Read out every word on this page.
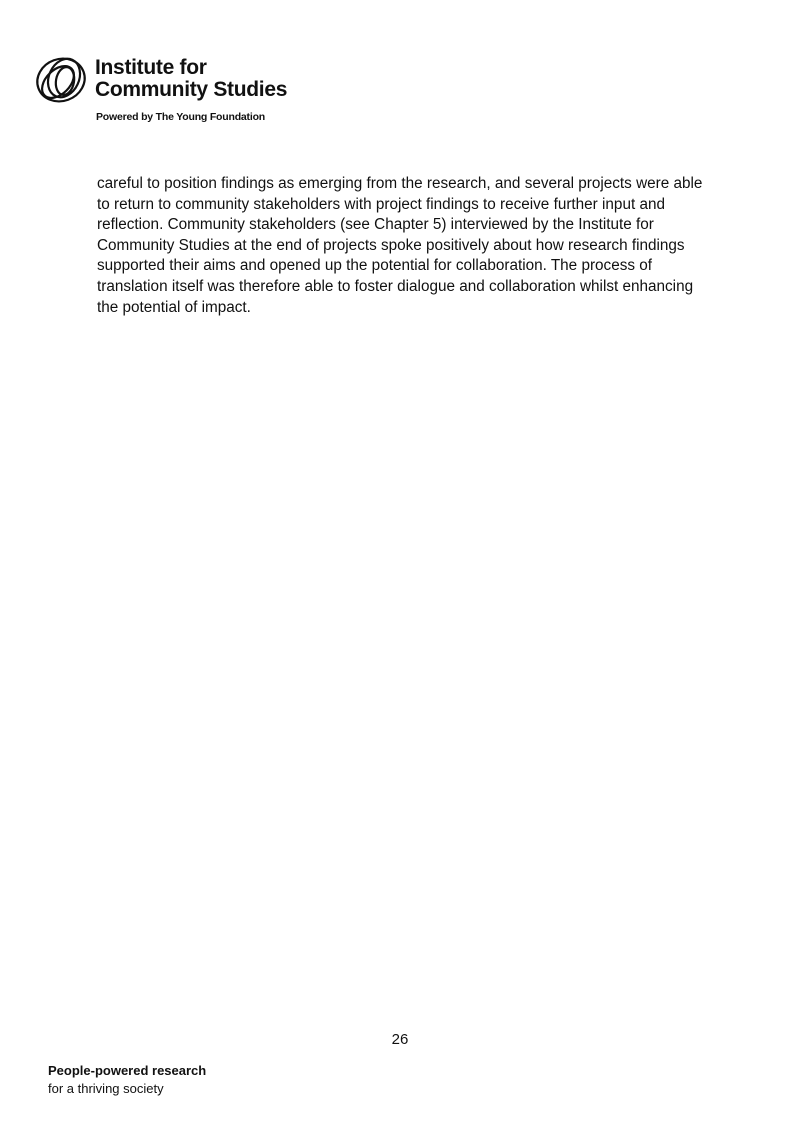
Institute for
Community Studies
Powered by The Young Foundation

careful to position findings as emerging from the research, and several projects were able to return to community stakeholders with project findings to receive further input and reflection. Community stakeholders (see Chapter 5) interviewed by the Institute for Community Studies at the end of projects spoke positively about how research findings supported their aims and opened up the potential for collaboration. The process of translation itself was therefore able to foster dialogue and collaboration whilst enhancing the potential of impact.

26
People-powered research
for a thriving society
